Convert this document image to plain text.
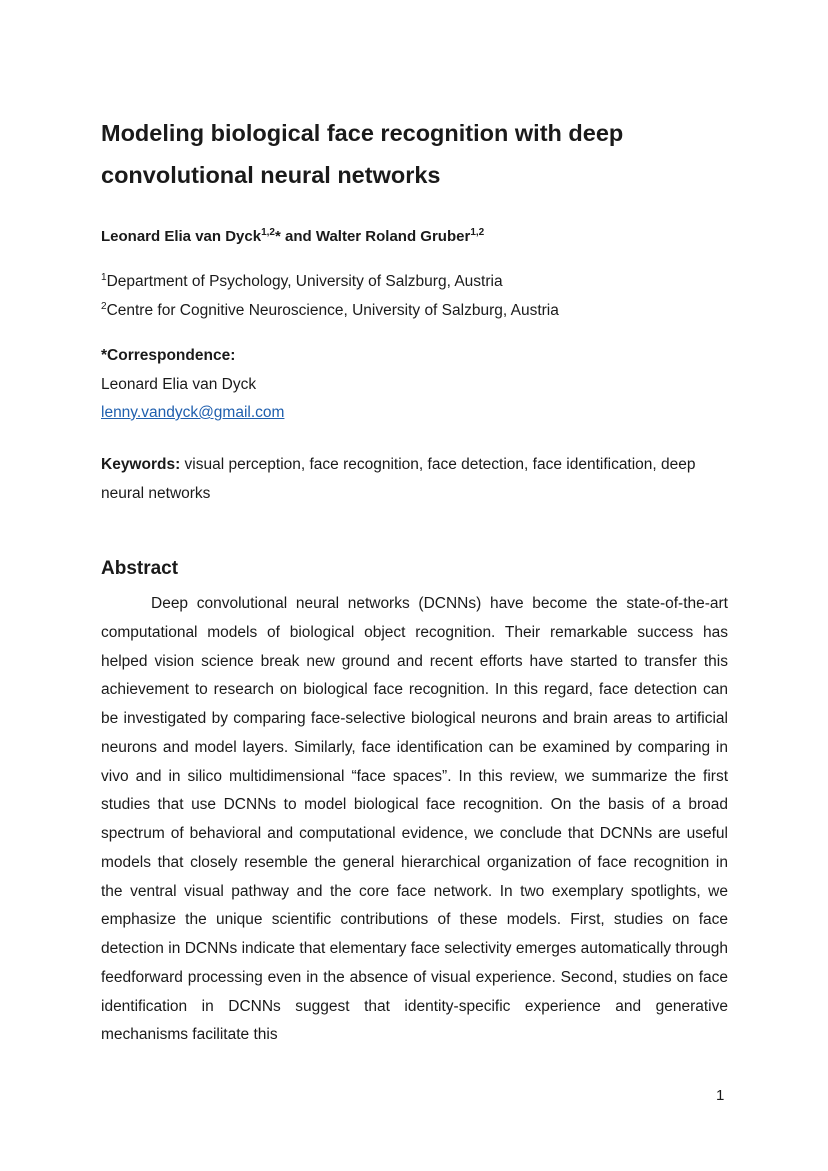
Modeling biological face recognition with deep convolutional neural networks

Leonard Elia van Dyck$^{1,2}$* and Walter Roland Gruber$^{1,2}$

$^1$Department of Psychology, University of Salzburg, Austria

$^2$Centre for Cognitive Neuroscience, University of Salzburg, Austria

*Correspondence:

Leonard Elia van Dyck

lenny.vandyck@gmail.com

Keywords: visual perception, face recognition, face detection, face identification, deep neural networks

Abstract

Deep convolutional neural networks (DCNNs) have become the state-of-the-art computational models of biological object recognition. Their remarkable success has helped vision science break new ground and recent efforts have started to transfer this achievement to research on biological face recognition. In this regard, face detection can be investigated by comparing face-selective biological neurons and brain areas to artificial neurons and model layers. Similarly, face identification can be examined by comparing in vivo and in silico multidimensional “face spaces”. In this review, we summarize the first studies that use DCNNs to model biological face recognition. On the basis of a broad spectrum of behavioral and computational evidence, we conclude that DCNNs are useful models that closely resemble the general hierarchical organization of face recognition in the ventral visual pathway and the core face network. In two exemplary spotlights, we emphasize the unique scientific contributions of these models. First, studies on face detection in DCNNs indicate that elementary face selectivity emerges automatically through feedforward processing even in the absence of visual experience. Second, studies on face identification in DCNNs suggest that identity-specific experience and generative mechanisms facilitate this

1
